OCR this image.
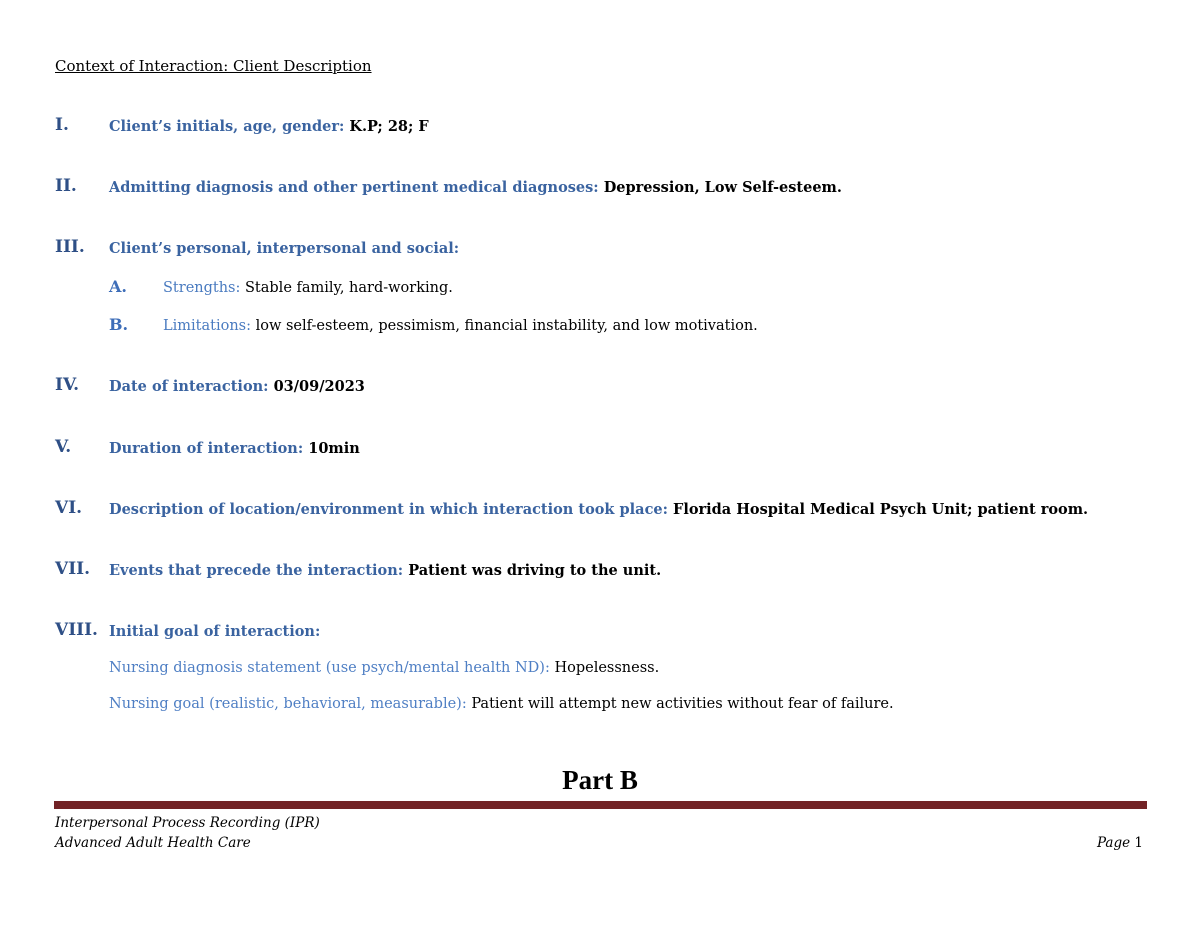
Context of Interaction: Client Description
I.	Client’s initials, age, gender: K.P; 28; F
II. Admitting diagnosis and other pertinent medical diagnoses: Depression, Low Self-esteem.
III. Client’s personal, interpersonal and social:
A. Strengths: Stable family, hard-working.
B. Limitations: low self-esteem, pessimism, financial instability, and low motivation.
IV. Date of interaction: 03/09/2023
V.	Duration of interaction: 10min
VI. Description of location/environment in which interaction took place: Florida Hospital Medical Psych Unit; patient room.
VII. Events that precede the interaction: Patient was driving to the unit.
VIII. Initial goal of interaction:
Nursing diagnosis statement (use psych/mental health ND): Hopelessness.
Nursing goal (realistic, behavioral, measurable): Patient will attempt new activities without fear of failure.
Part B
Interpersonal Process Recording (IPR)
Advanced Adult Health Care	Page 1
